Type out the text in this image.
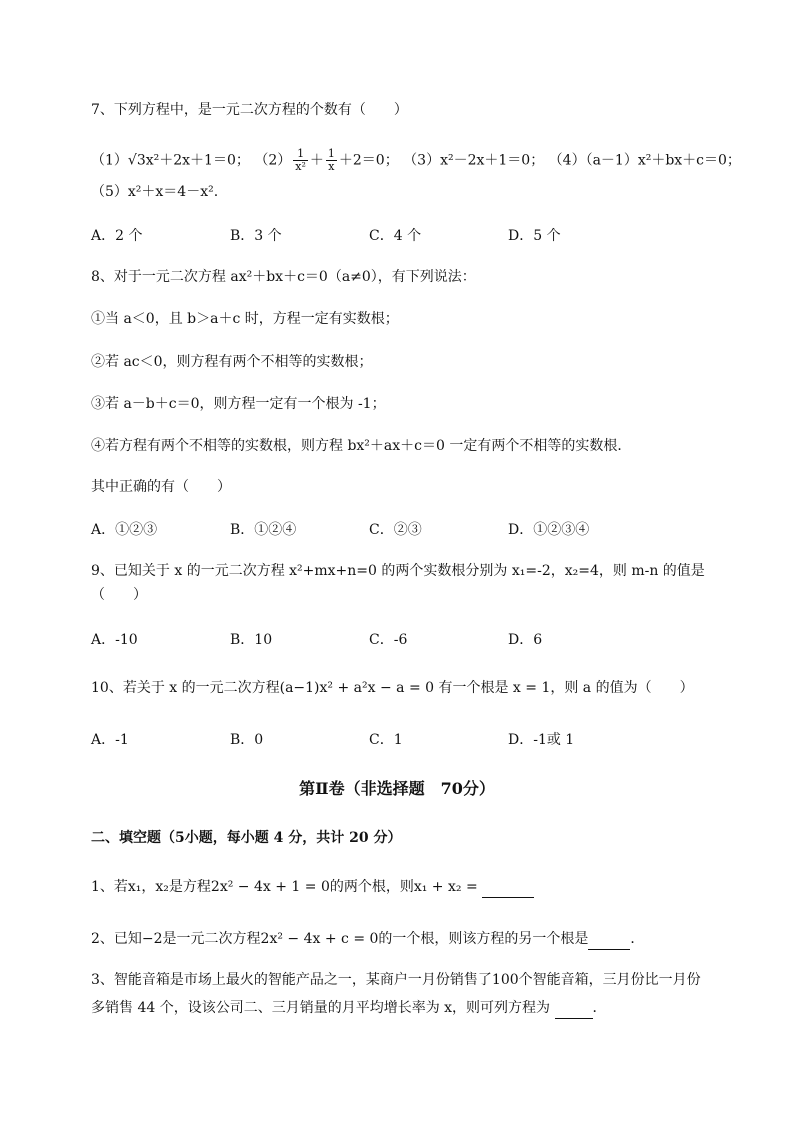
7、下列方程中，是一元二次方程的个数有（　　）
（1）√3x²＋2x＋1＝0； $(2) \frac{1}{\text{x²}} + \frac{1}{x} +2=0$； （3）x²－2x＋1＝0； （4）（a－1）x²＋bx＋c＝0；
（5）x²＋x＝4－x².
A．2 个	B．3 个	C．4 个	D．5 个
8、对于一元二次方程 ax²＋bx＋c＝0（a≠0），有下列说法：
①当 a＜0，且 b＞a＋c 时，方程一定有实数根；
②若 ac＜0，则方程有两个不相等的实数根；
③若 a－b＋c＝0，则方程一定有一个根为 -1；
④若方程有两个不相等的实数根，则方程 bx²＋ax＋c＝0 一定有两个不相等的实数根．
其中正确的有（　　）
A．①②③	B．①②④	C．②③	D．①②③④
9、已知关于 x 的一元二次方程 x²+mx+n=0 的两个实数根分别为 x₁=-2，x₂=4，则 m-n 的值是
（　　）
A．-10	B．10	C．-6	D．6
10、若关于 x 的一元二次方程(a−1)x² + a²x − a = 0 有一个根是 x = 1，则 a 的值为（　　）
A．-1	B．0	C．1	D．-1或 1
第Ⅱ卷（非选择题　70分）
二、填空题（5小题，每小题 4 分，共计 20 分）
1、若x₁，x₂是方程2x² − 4x + 1 = 0的两个根，则x₁ + x₂ =
2、已知−2是一元二次方程2x² − 4x + c = 0的一个根，则该方程的另一个根是	．
3、智能音箱是市场上最火的智能产品之一，某商户一月份销售了100个智能音箱，三月份比一月份
多销售 44 个，设该公司二、三月销量的月平均增长率为 x，则可列方程为	．
